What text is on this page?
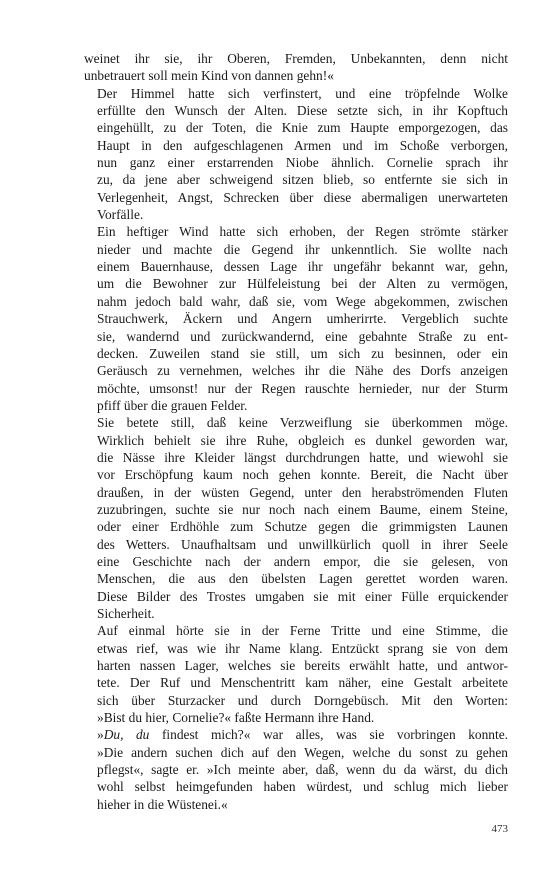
weinet ihr sie, ihr Oberen, Fremden, Unbekannten, denn nicht
unbetrauert soll mein Kind von dannen gehn!«
Der Himmel hatte sich verfinstert, und eine tröpfelnde Wolke
erfüllte den Wunsch der Alten. Diese setzte sich, in ihr Kopftuch
eingehüllt, zu der Toten, die Knie zum Haupte emporgezogen, das
Haupt in den aufgeschlagenen Armen und im Schoße verborgen,
nun ganz einer erstarrenden Niobe ähnlich. Cornelie sprach ihr
zu, da jene aber schweigend sitzen blieb, so entfernte sie sich in
Verlegenheit, Angst, Schrecken über diese abermaligen unerwarteten
Vorfälle.
Ein heftiger Wind hatte sich erhoben, der Regen strömte stärker
nieder und machte die Gegend ihr unkenntlich. Sie wollte nach
einem Bauernhause, dessen Lage ihr ungefähr bekannt war, gehn,
um die Bewohner zur Hülfeleistung bei der Alten zu vermögen,
nahm jedoch bald wahr, daß sie, vom Wege abgekommen, zwischen
Strauchwerk, Äckern und Angern umherirrte. Vergeblich suchte
sie, wandernd und zurückwandernd, eine gebahnte Straße zu ent-
decken. Zuweilen stand sie still, um sich zu besinnen, oder ein
Geräusch zu vernehmen, welches ihr die Nähe des Dorfs anzeigen
möchte, umsonst! nur der Regen rauschte hernieder, nur der Sturm
pfiff über die grauen Felder.
Sie betete still, daß keine Verzweiflung sie überkommen möge.
Wirklich behielt sie ihre Ruhe, obgleich es dunkel geworden war,
die Nässe ihre Kleider längst durchdrungen hatte, und wiewohl sie
vor Erschöpfung kaum noch gehen konnte. Bereit, die Nacht über
draußen, in der wüsten Gegend, unter den herabströmenden Fluten
zuzubringen, suchte sie nur noch nach einem Baume, einem Steine,
oder einer Erdhöhle zum Schutze gegen die grimmigsten Launen
des Wetters. Unaufhaltsam und unwillkürlich quoll in ihrer Seele
eine Geschichte nach der andern empor, die sie gelesen, von
Menschen, die aus den übelsten Lagen gerettet worden waren.
Diese Bilder des Trostes umgaben sie mit einer Fülle erquickender
Sicherheit.
Auf einmal hörte sie in der Ferne Tritte und eine Stimme, die
etwas rief, was wie ihr Name klang. Entzückt sprang sie von dem
harten nassen Lager, welches sie bereits erwählt hatte, und antwor-
tete. Der Ruf und Menschentritt kam näher, eine Gestalt arbeitete
sich über Sturzacker und durch Dorngebüsch. Mit den Worten:
»Bist du hier, Cornelie?« faßte Hermann ihre Hand.
»Du, du findest mich?« war alles, was sie vorbringen konnte.
»Die andern suchen dich auf den Wegen, welche du sonst zu gehen
pflegst«, sagte er. »Ich meinte aber, daß, wenn du da wärst, du dich
wohl selbst heimgefunden haben würdest, und schlug mich lieber
hieher in die Wüstenei.«
473
